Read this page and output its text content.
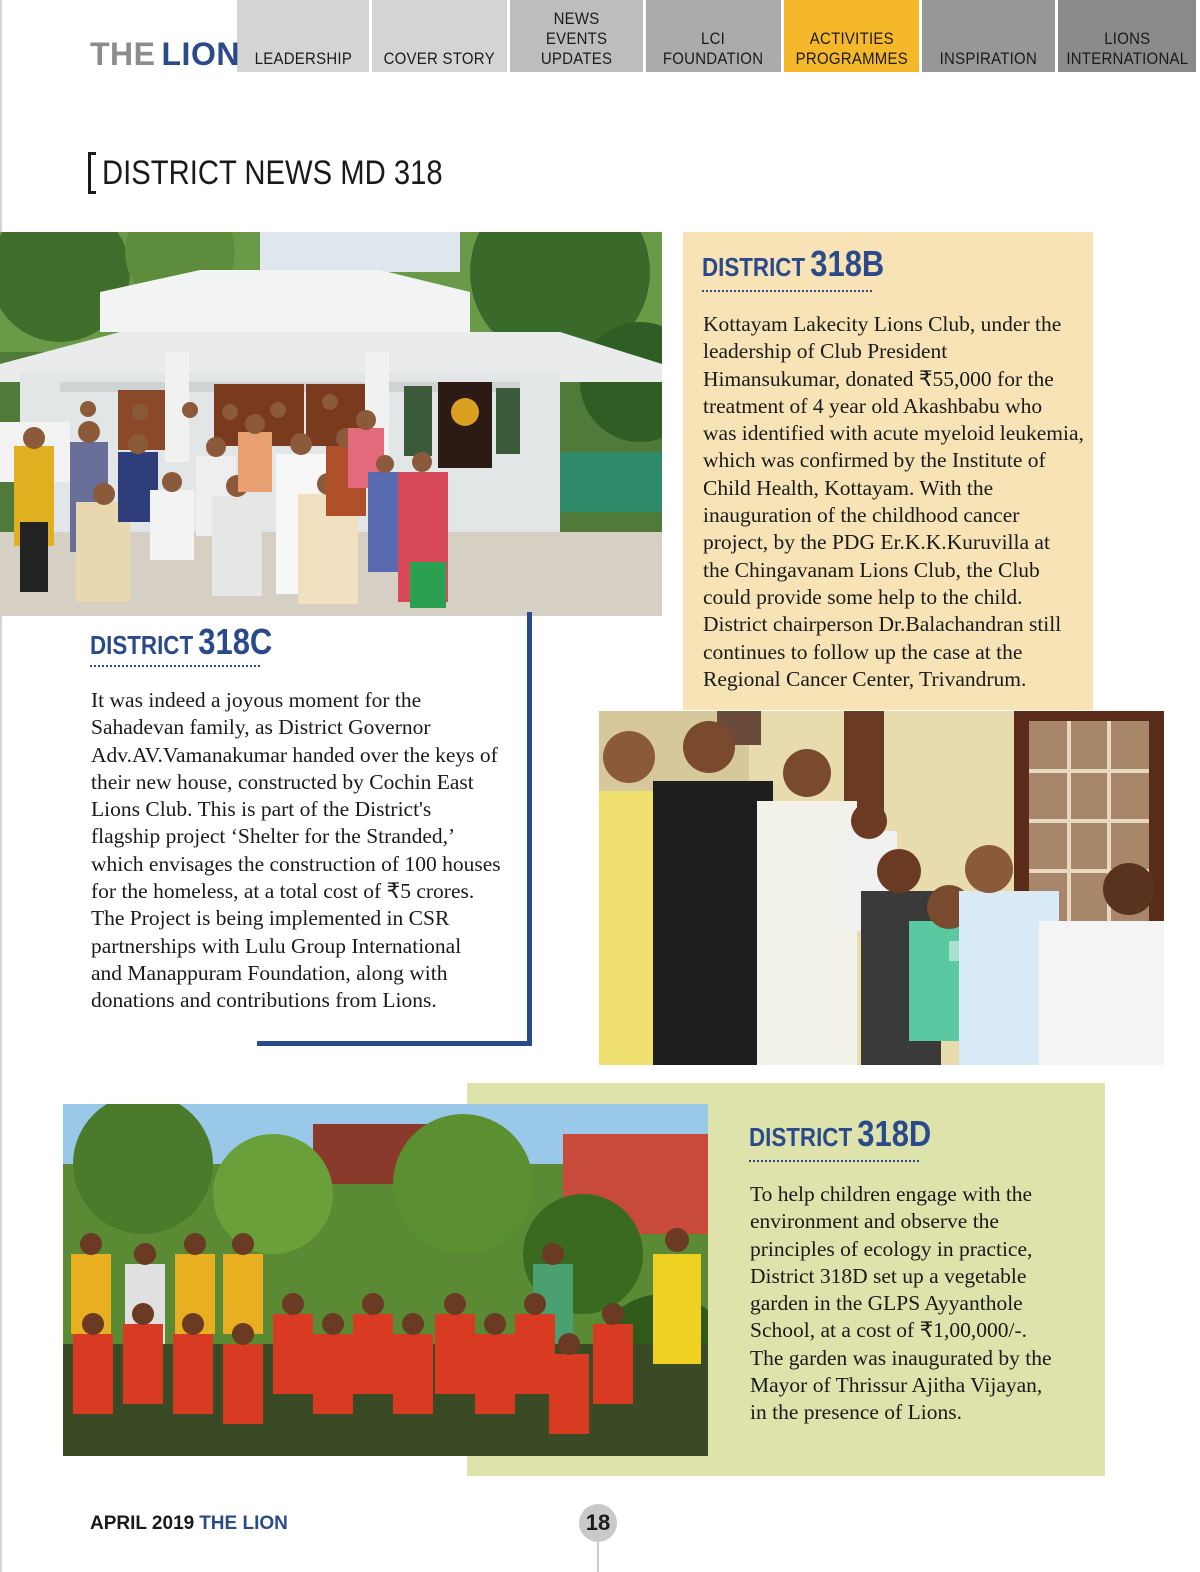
LEADERSHIP COVER STORY
NEWS
EVENTS
UPDATES
LCI
FOUNDATION
ACTIVITIES
PROGRAMMES INSPIRATION
LIONS
INTERNATIONAL
THE LION
DISTRICT NEWS MD 318
DISTRICT 318C

It was indeed a joyous moment for the
Sahadevan family, as District Governor
Adv.AV.Vamanakumar handed over the keys of
their new house, constructed by Cochin East
Lions Club. This is part of the District's
flagship project ‘Shelter for the Stranded,’
which envisages the construction of 100 houses
for the homeless, at a total cost of ₹5 crores.
The Project is being implemented in CSR
partnerships with Lulu Group International
and Manappuram Foundation, along with
donations and contributions from Lions.

DISTRICT 318B

Kottayam Lakecity Lions Club, under the
leadership of Club President
Himansukumar, donated ₹55,000 for the
treatment of 4 year old Akashbabu who
was identified with acute myeloid leukemia,
which was confirmed by the Institute of
Child Health, Kottayam. With the
inauguration of the childhood cancer
project, by the PDG Er.K.K.Kuruvilla at
the Chingavanam Lions Club, the Club
could provide some help to the child.
District chairperson Dr.Balachandran still
continues to follow up the case at the
Regional Cancer Center, Trivandrum.

DISTRICT 318D

To help children engage with the
environment and observe the
principles of ecology in practice,
District 318D set up a vegetable
garden in the GLPS Ayyanthole
School, at a cost of ₹1,00,000/-.
The garden was inaugurated by the
Mayor of Thrissur Ajitha Vijayan,
in the presence of Lions.

APRIL 2019 THE LION	18
